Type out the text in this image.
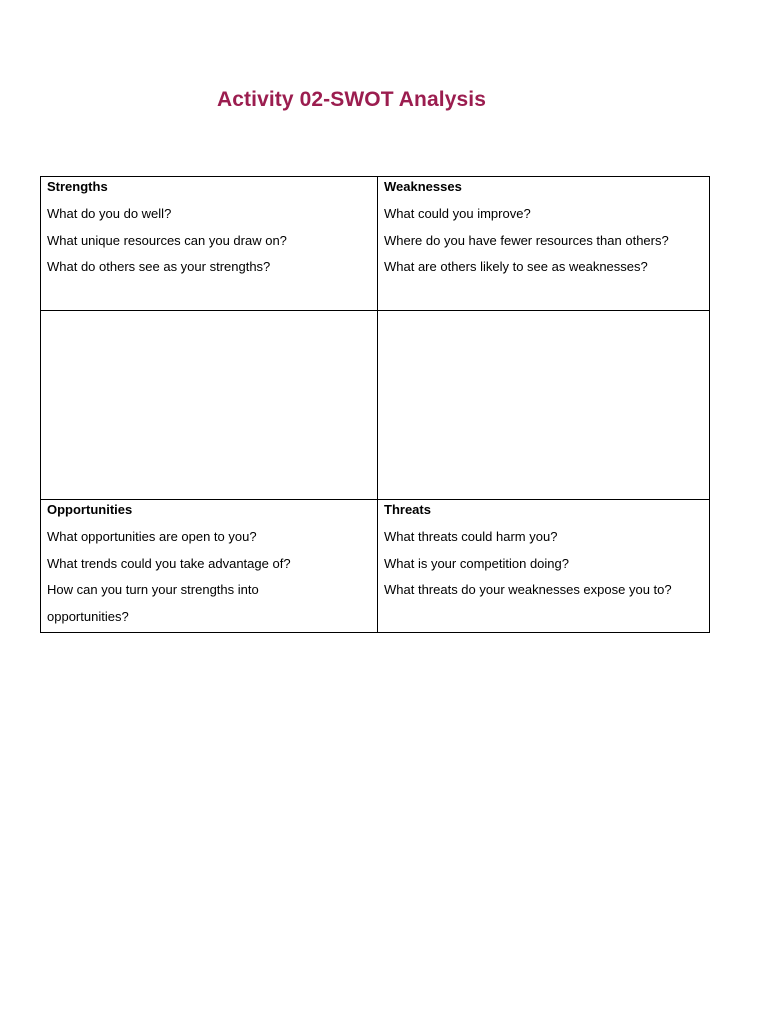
Activity 02-SWOT Analysis
Strengths
What do you do well?
What unique resources can you draw on?
What do others see as your strengths?
Weaknesses
What could you improve?
Where do you have fewer resources than others?
What are others likely to see as weaknesses?
Opportunities
What opportunities are open to you?
What trends could you take advantage of?
How can you turn your strengths into
opportunities?
Threats
What threats could harm you?
What is your competition doing?
What threats do your weaknesses expose you to?
